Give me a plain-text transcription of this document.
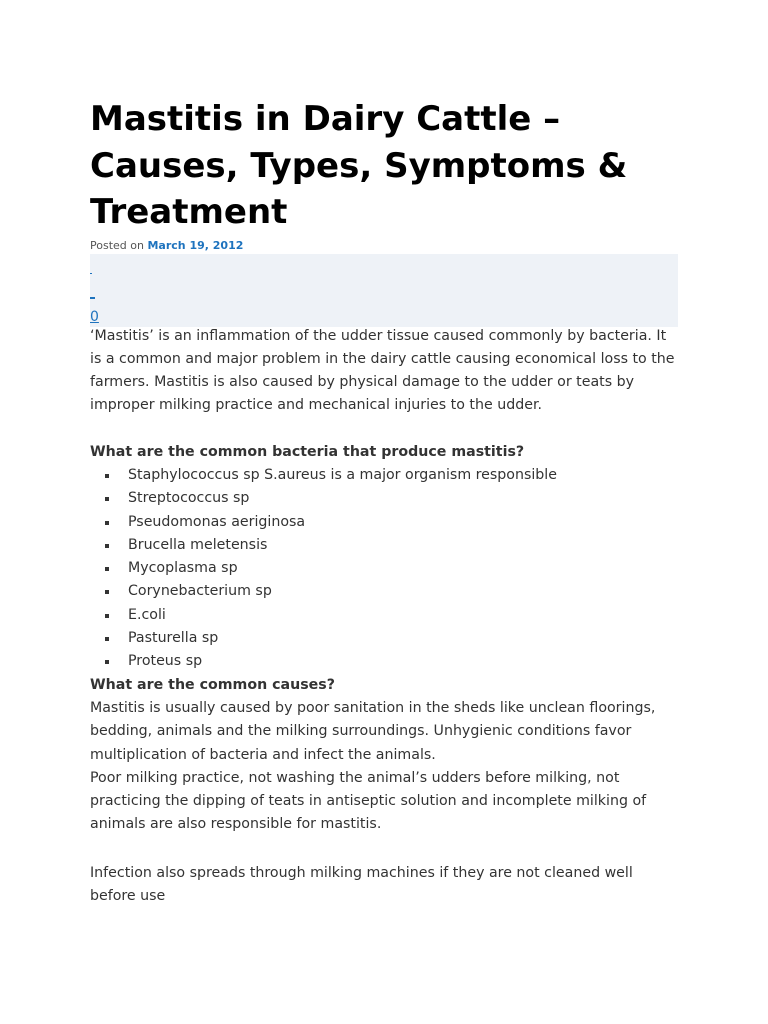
Mastitis in Dairy Cattle – Causes, Types, Symptoms & Treatment
Posted on March 19, 2012
0

‘Mastitis’ is an inflammation of the udder tissue caused commonly by bacteria. It is a common and major problem in the dairy cattle causing economical loss to the farmers. Mastitis is also caused by physical damage to the udder or teats by improper milking practice and mechanical injuries to the udder.

What are the common bacteria that produce mastitis?

Staphylococcus sp S.aureus is a major organism responsible
Streptococcus sp
Pseudomonas aeriginosa
Brucella meletensis
Mycoplasma sp
Corynebacterium sp
E.coli
Pasturella sp
Proteus sp

What are the common causes?

Mastitis is usually caused by poor sanitation in the sheds like unclean floorings, bedding, animals and the milking surroundings. Unhygienic conditions favor multiplication of bacteria and infect the animals.

Poor milking practice, not washing the animal’s udders before milking, not practicing the dipping of teats in antiseptic solution and incomplete milking of animals are also responsible for mastitis.

Infection also spreads through milking machines if they are not cleaned well before use
